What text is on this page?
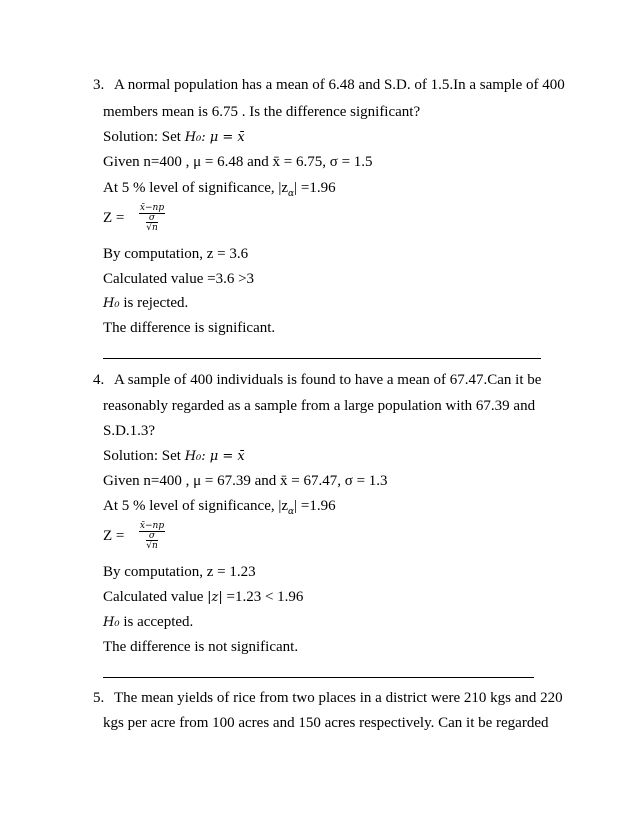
3. A normal population has a mean of 6.48 and S.D. of 1.5.In a sample of 400
members mean is 6.75 . Is the difference significant?
Solution: Set H₀: μ = x̄
Given n=400 , μ = 6.48 and x̄ = 6.75, σ = 1.5
At 5 % level of significance, $|z_\alpha| =1.96$
Z =
x̄−np
σ
√n
By computation, z = 3.6
Calculated value =3.6 >3
H₀ is rejected.
The difference is significant.
4. A sample of 400 individuals is found to have a mean of 67.47.Can it be
reasonably regarded as a sample from a large population with 67.39 and
S.D.1.3?
Solution: Set H₀: μ = x̄
Given n=400 , μ = 67.39 and x̄ = 67.47, σ = 1.3
At 5 % level of significance, $|z_\alpha| =1.96$
Z =
x̄−np
σ
√n
By computation, z = 1.23
Calculated value |z| =1.23 < 1.96
H₀ is accepted.
The difference is not significant.
5. The mean yields of rice from two places in a district were 210 kgs and 220
kgs per acre from 100 acres and 150 acres respectively. Can it be regarded
